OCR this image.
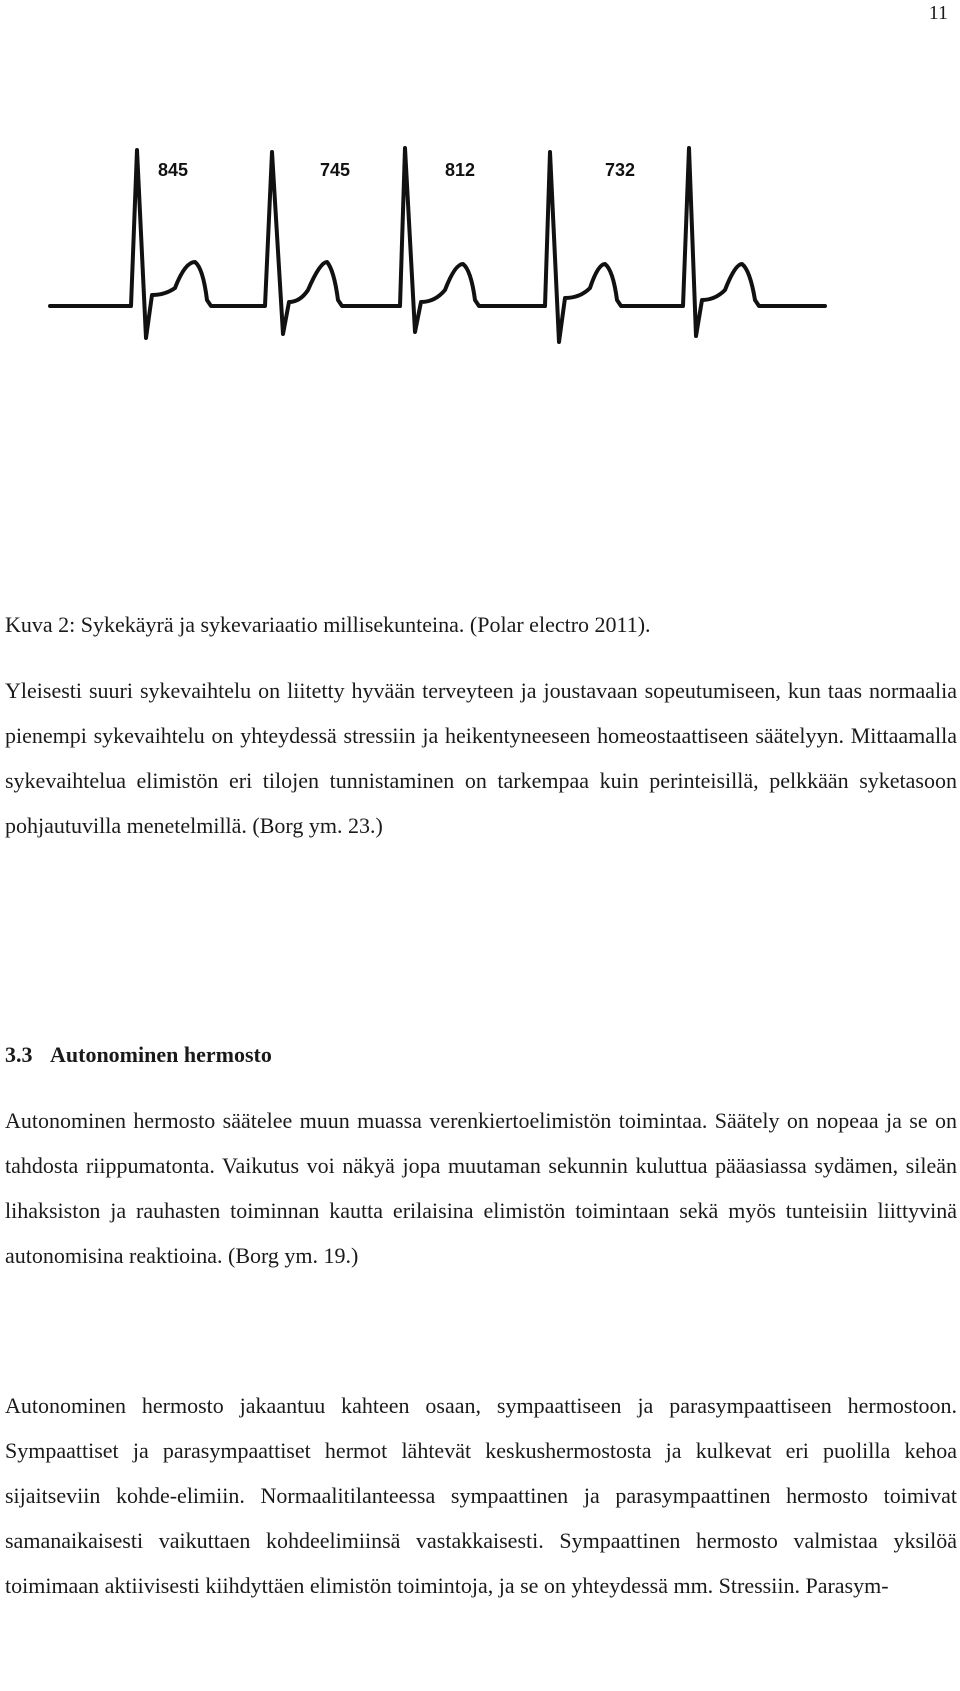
11
845	745	812	732
Kuva 2: Sykekäyrä ja sykevariaatio millisekunteina. (Polar electro 2011).

Yleisesti suuri sykevaihtelu on liitetty hyvään terveyteen ja joustavaan sopeutumiseen, kun taas normaalia pienempi sykevaihtelu on yhteydessä stressiin ja heikentyneeseen homeostaattiseen säätelyyn. Mittaamalla sykevaihtelua elimistön eri tilojen tunnistaminen on tarkempaa kuin perinteisillä, pelkkään syketasoon pohjautuvilla menetelmillä. (Borg ym. 23.)

3.3 Autonominen hermosto

Autonominen hermosto säätelee muun muassa verenkiertoelimistön toimintaa. Säätely on nopeaa ja se on tahdosta riippumatonta. Vaikutus voi näkyä jopa muutaman sekunnin kuluttua pääasiassa sydämen, sileän lihaksiston ja rauhasten toiminnan kautta erilaisina elimistön toimintaan sekä myös tunteisiin liittyvinä autonomisina reaktioina. (Borg ym. 19.)

Autonominen hermosto jakaantuu kahteen osaan, sympaattiseen ja parasympaattiseen hermostoon. Sympaattiset ja parasympaattiset hermot lähtevät keskushermostosta ja kulkevat eri puolilla kehoa sijaitseviin kohde-elimiin. Normaalitilanteessa sympaattinen ja parasympaattinen hermosto toimivat samanaikaisesti vaikuttaen kohdeelimiinsä vastakkaisesti. Sympaattinen hermosto valmistaa yksilöä toimimaan aktiivisesti kiihdyttäen elimistön toimintoja, ja se on yhteydessä mm. Stressiin. Parasym-
